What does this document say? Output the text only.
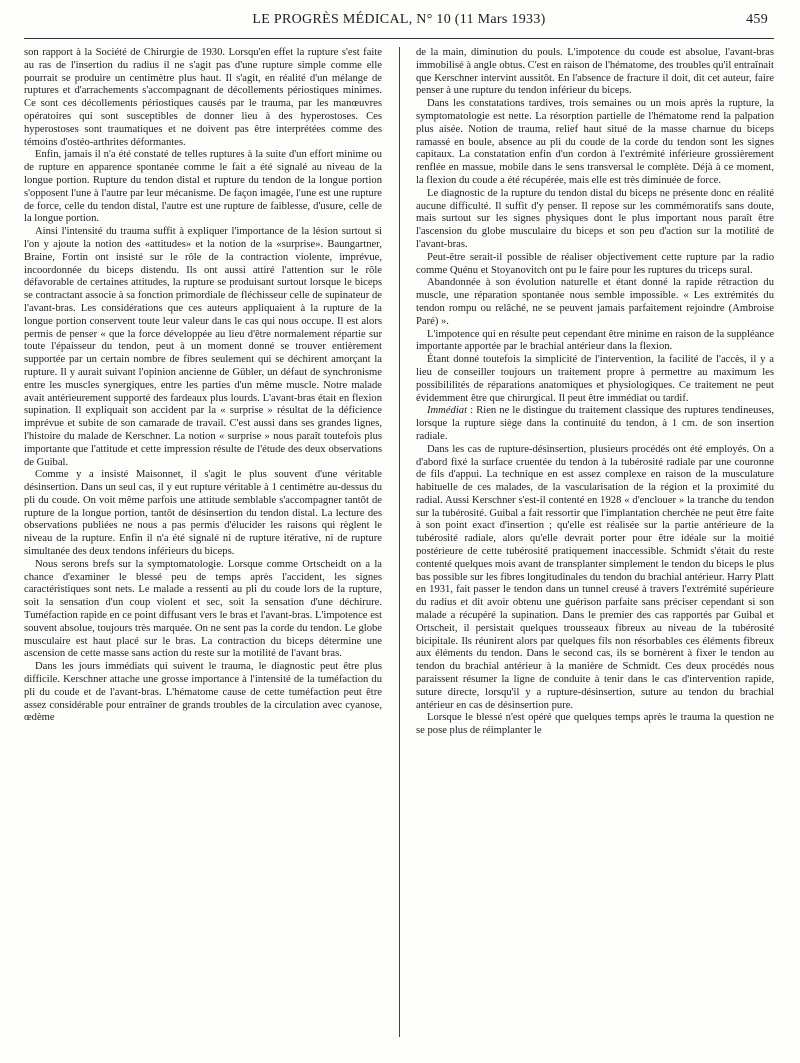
LE PROGRÈS MÉDICAL, N° 10 (11 Mars 1933)	459

son rapport à la Société de Chirurgie de 1930. Lorsqu'en effet la rupture s'est faite au ras de l'insertion du radius il ne s'agit pas d'une rupture simple comme elle pourrait se produire un centimètre plus haut. Il s'agit, en réalité d'un mélange de ruptures et d'arrachements s'accompagnant de décollements périostiques minimes. Ce sont ces décollements périostiques causés par le trauma, par les manœuvres opératoires qui sont susceptibles de donner lieu à des hyperostoses. Ces hyperostoses sont traumatiques et ne doivent pas être interprétées comme des témoins d'ostéo-arthrites déformantes.

Enfin, jamais il n'a été constaté de telles ruptures à la suite d'un effort minime ou de rupture en apparence spontanée comme le fait a été signalé au niveau de la longue portion. Rupture du tendon distal et rupture du tendon de la longue portion s'opposent l'une à l'autre par leur mécanisme. De façon imagée, l'une est une rupture de force, celle du tendon distal, l'autre est une rupture de faiblesse, d'usure, celle de la longue portion.

Ainsi l'intensité du trauma suffit à expliquer l'importance de la lésion surtout si l'on y ajoute la notion des «attitudes» et la notion de la «surprise». Baungartner, Braine, Fortin ont insisté sur le rôle de la contraction violente, imprévue, incoordonnée du biceps distendu. Ils ont aussi attiré l'attention sur le rôle défavorable de certaines attitudes, la rupture se produisant surtout lorsque le biceps se contractant associe à sa fonction primordiale de fléchisseur celle de supinateur de l'avant-bras. Les considérations que ces auteurs appliquaient à la rupture de la longue portion conservent toute leur valeur dans le cas qui nous occupe. Il est alors permis de penser « que la force développée au lieu d'être normalement répartie sur toute l'épaisseur du tendon, peut à un moment donné se trouver entièrement supportée par un certain nombre de fibres seulement qui se déchirent amorçant la rupture. Il y aurait suivant l'opinion ancienne de Gübler, un défaut de synchronisme entre les muscles synergiques, entre les parties d'un même muscle. Notre malade avait antérieurement supporté des fardeaux plus lourds. L'avant-bras était en flexion supination. Il expliquait son accident par la « surprise » résultat de la déficience imprévue et subite de son camarade de travail. C'est aussi dans ses grandes lignes, l'histoire du malade de Kerschner. La notion « surprise » nous paraît toutefois plus importante que l'attitude et cette impression résulte de l'étude des deux observations de Guibal.

Comme y a insisté Maisonnet, il s'agit le plus souvent d'une véritable désinsertion. Dans un seul cas, il y eut rupture véritable à 1 centimètre au-dessus du pli du coude. On voit même parfois une attitude semblable s'accompagner tantôt de rupture de la longue portion, tantôt de désinsertion du tendon distal. La lecture des observations publiées ne nous a pas permis d'élucider les raisons qui règlent le niveau de la rupture. Enfin il n'a été signalé ni de rupture itérative, ni de rupture simultanée des deux tendons inférieurs du biceps.

Nous serons brefs sur la symptomatologie. Lorsque comme Ortscheidt on a la chance d'examiner le blessé peu de temps après l'accident, les signes caractéristiques sont nets. Le malade a ressenti au pli du coude lors de la rupture, soit la sensation d'un coup violent et sec, soit la sensation d'une déchirure. Tuméfaction rapide en ce point diffusant vers le bras et l'avant-bras. L'impotence est souvent absolue, toujours très marquée. On ne sent pas la corde du tendon. Le globe musculaire est haut placé sur le bras. La contraction du biceps détermine une ascension de cette masse sans action du reste sur la motilité de l'avant bras.

Dans les jours immédiats qui suivent le trauma, le diagnostic peut être plus difficile. Kerschner attache une grosse importance à l'intensité de la tuméfaction du pli du coude et de l'avant-bras. L'hématome cause de cette tuméfaction peut être assez considérable pour entraîner de grands troubles de la circulation avec cyanose, œdème

de la main, diminution du pouls. L'impotence du coude est absolue, l'avant-bras immobilisé à angle obtus. C'est en raison de l'hématome, des troubles qu'il entraînait que Kerschner intervint aussitôt. En l'absence de fracture il doit, dit cet auteur, faire penser à une rupture du tendon inférieur du biceps.

Dans les constatations tardives, trois semaines ou un mois après la rupture, la symptomatologie est nette. La résorption partielle de l'hématome rend la palpation plus aisée. Notion de trauma, relief haut situé de la masse charnue du biceps ramassé en boule, absence au pli du coude de la corde du tendon sont les signes capitaux. La constatation enfin d'un cordon à l'extrémité inférieure grossièrement renflée en massue, mobile dans le sens transversal le complète. Déjà à ce moment, la flexion du coude a été récupérée, mais elle est très diminuée de force.

Le diagnostic de la rupture du tendon distal du biceps ne présente donc en réalité aucune difficulté. Il suffit d'y penser. Il repose sur les commémoratifs sans doute, mais surtout sur les signes physiques dont le plus important nous paraît être l'ascension du globe musculaire du biceps et son peu d'action sur la motilité de l'avant-bras.

Peut-être serait-il possible de réaliser objectivement cette rupture par la radio comme Quénu et Stoyanovitch ont pu le faire pour les ruptures du triceps sural.

Abandonnée à son évolution naturelle et étant donné la rapide rétraction du muscle, une réparation spontanée nous semble impossible. « Les extrémités du tendon rompu ou relâché, ne se peuvent jamais parfaitement rejoindre (Ambroise Paré) ».

L'impotence qui en résulte peut cependant être minime en raison de la suppléance importante apportée par le brachial antérieur dans la flexion.

Étant donné toutefois la simplicité de l'intervention, la facilité de l'accès, il y a lieu de conseiller toujours un traitement propre à permettre au maximum les possibililités de réparations anatomiques et physiologiques. Ce traitement ne peut évidemment être que chirurgical. Il peut être immédiat ou tardif.

Immédiat : Rien ne le distingue du traitement classique des ruptures tendineuses, lorsque la rupture siège dans la continuité du tendon, à 1 cm. de son insertion radiale.

Dans les cas de rupture-désinsertion, plusieurs procédés ont été employés. On a d'abord fixé la surface cruentée du tendon à la tubérosité radiale par une couronne de fils d'appui. La technique en est assez complexe en raison de la musculature habituelle de ces malades, de la vascularisation de la région et la proximité du radial. Aussi Kerschner s'est-il contenté en 1928 « d'enclouer » la tranche du tendon sur la tubérosité. Guibal a fait ressortir que l'implantation cherchée ne peut être faite à son point exact d'insertion ; qu'elle est réalisée sur la partie antérieure de la tubérosité radiale, alors qu'elle devrait porter pour être idéale sur la moitié postérieure de cette tubérosité pratiquement inaccessible. Schmidt s'était du reste contenté quelques mois avant de transplanter simplement le tendon du biceps le plus bas possible sur les fibres longitudinales du tendon du brachial antérieur. Harry Platt en 1931, fait passer le tendon dans un tunnel creusé à travers l'extrémité supérieure du radius et dit avoir obtenu une guérison parfaite sans préciser cependant si son malade a récupéré la supination. Dans le premier des cas rapportés par Guibal et Ortscheit, il persistait quelques trousseaux fibreux au niveau de la tubérosité bicipitale. Ils réunirent alors par quelques fils non résorbables ces éléments fibreux aux éléments du tendon. Dans le second cas, ils se bornèrent à fixer le tendon au tendon du brachial antérieur à la manière de Schmidt. Ces deux procédés nous paraissent résumer la ligne de conduite à tenir dans le cas d'intervention rapide, suture directe, lorsqu'il y a rupture-désinsertion, suture au tendon du brachial antérieur en cas de désinsertion pure.

Lorsque le blessé n'est opéré que quelques temps après le trauma la question ne se pose plus de réimplanter le
